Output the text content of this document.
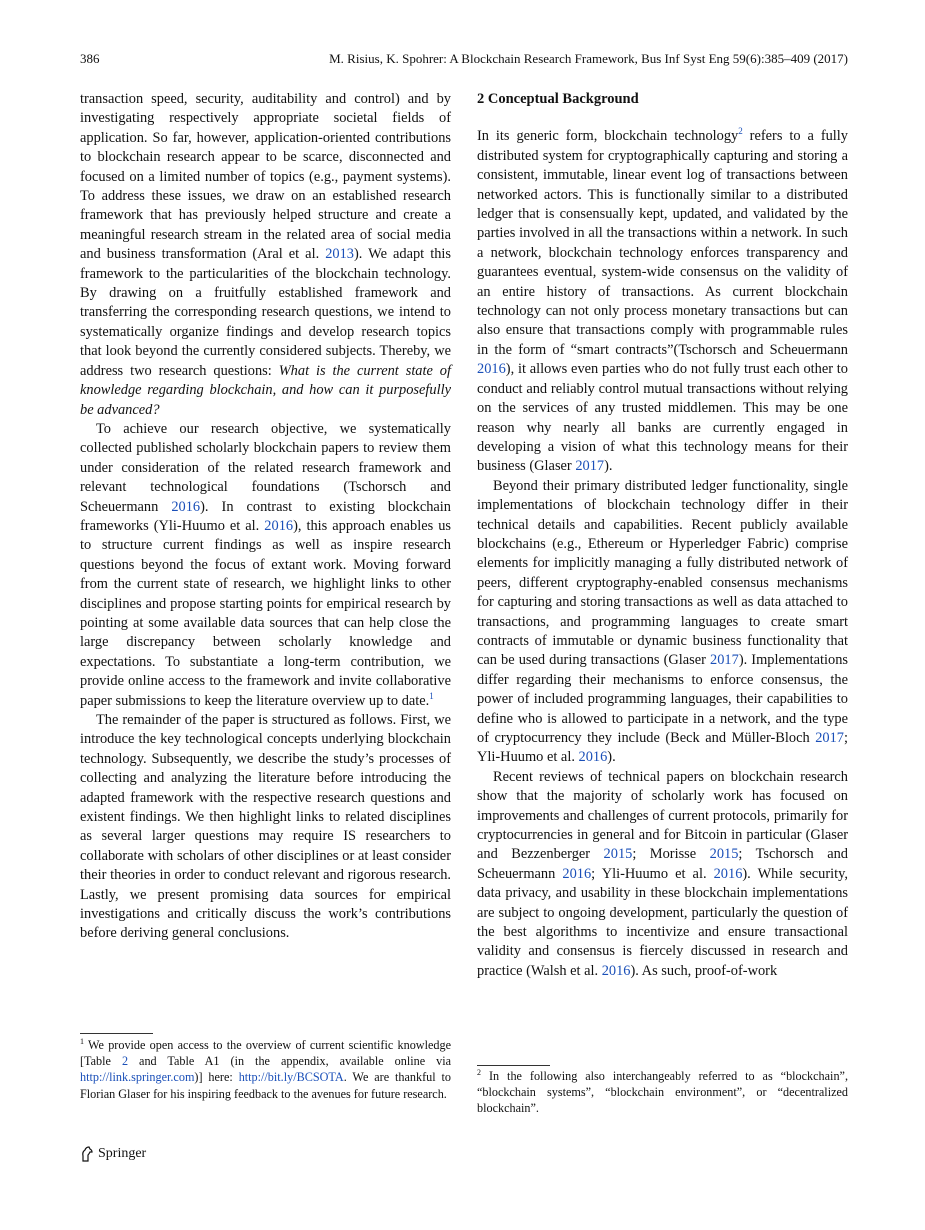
386	M. Risius, K. Spohrer: A Blockchain Research Framework, Bus Inf Syst Eng 59(6):385–409 (2017)

transaction speed, security, auditability and control) and by investigating respectively appropriate societal fields of application. So far, however, application-oriented contributions to blockchain research appear to be scarce, disconnected and focused on a limited number of topics (e.g., payment systems). To address these issues, we draw on an established research framework that has previously helped structure and create a meaningful research stream in the related area of social media and business transformation (Aral et al. 2013). We adapt this framework to the particularities of the blockchain technology. By drawing on a fruitfully established framework and transferring the corresponding research questions, we intend to systematically organize findings and develop research topics that look beyond the currently considered subjects. Thereby, we address two research questions: What is the current state of knowledge regarding blockchain, and how can it purposefully be advanced?

To achieve our research objective, we systematically collected published scholarly blockchain papers to review them under consideration of the related research framework and relevant technological foundations (Tschorsch and Scheuermann 2016). In contrast to existing blockchain frameworks (Yli-Huumo et al. 2016), this approach enables us to structure current findings as well as inspire research questions beyond the focus of extant work. Moving forward from the current state of research, we highlight links to other disciplines and propose starting points for empirical research by pointing at some available data sources that can help close the large discrepancy between scholarly knowledge and expectations. To substantiate a long-term contribution, we provide online access to the framework and invite collaborative paper submissions to keep the literature overview up to date.$^1$

The remainder of the paper is structured as follows. First, we introduce the key technological concepts underlying blockchain technology. Subsequently, we describe the study’s processes of collecting and analyzing the literature before introducing the adapted framework with the respective research questions and existent findings. We then highlight links to related disciplines as several larger questions may require IS researchers to collaborate with scholars of other disciplines or at least consider their theories in order to conduct relevant and rigorous research. Lastly, we present promising data sources for empirical investigations and critically discuss the work’s contributions before deriving general conclusions.

2 Conceptual Background

In its generic form, blockchain technology$^2$ refers to a fully distributed system for cryptographically capturing and storing a consistent, immutable, linear event log of transactions between networked actors. This is functionally similar to a distributed ledger that is consensually kept, updated, and validated by the parties involved in all the transactions within a network. In such a network, blockchain technology enforces transparency and guarantees eventual, system-wide consensus on the validity of an entire history of transactions. As current blockchain technology can not only process monetary transactions but can also ensure that transactions comply with programmable rules in the form of “smart contracts”(Tschorsch and Scheuermann 2016), it allows even parties who do not fully trust each other to conduct and reliably control mutual transactions without relying on the services of any trusted middlemen. This may be one reason why nearly all banks are currently engaged in developing a vision of what this technology means for their business (Glaser 2017).

Beyond their primary distributed ledger functionality, single implementations of blockchain technology differ in their technical details and capabilities. Recent publicly available blockchains (e.g., Ethereum or Hyperledger Fabric) comprise elements for implicitly managing a fully distributed network of peers, different cryptography-enabled consensus mechanisms for capturing and storing transactions as well as data attached to transactions, and programming languages to create smart contracts of immutable or dynamic business functionality that can be used during transactions (Glaser 2017). Implementations differ regarding their mechanisms to enforce consensus, the power of included programming languages, their capabilities to define who is allowed to participate in a network, and the type of cryptocurrency they include (Beck and Müller-Bloch 2017; Yli-Huumo et al. 2016).

Recent reviews of technical papers on blockchain research show that the majority of scholarly work has focused on improvements and challenges of current protocols, primarily for cryptocurrencies in general and for Bitcoin in particular (Glaser and Bezzenberger 2015; Morisse 2015; Tschorsch and Scheuermann 2016; Yli-Huumo et al. 2016). While security, data privacy, and usability in these blockchain implementations are subject to ongoing development, particularly the question of the best algorithms to incentivize and ensure transactional validity and consensus is fiercely discussed in research and practice (Walsh et al. 2016). As such, proof-of-work

$^1$ We provide open access to the overview of current scientific knowledge [Table 2 and Table A1 (in the appendix, available online via http://link.springer.com)] here: http://bit.ly/BCSOTA. We are thankful to Florian Glaser for his inspiring feedback to the avenues for future research.
$^2$ In the following also interchangeably referred to as “blockchain”, “blockchain systems”, “blockchain environment”, or “decentralized blockchain”.
Springer
